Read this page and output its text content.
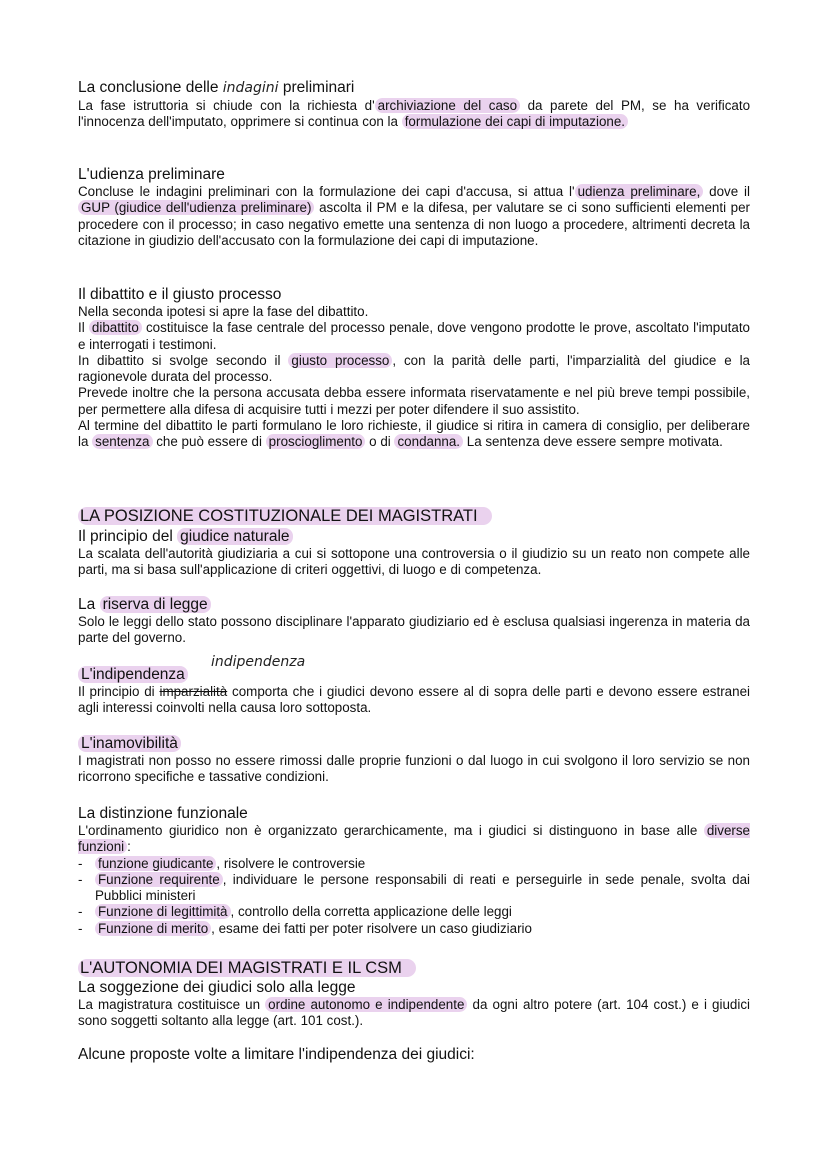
La conclusione delle indagini preliminari

La fase istruttoria si chiude con la richiesta d' archiviazione del caso da parete del PM, se ha verificato l'innocenza dell'imputato, opprimere si continua con la formulazione dei capi di imputazione.

L'udienza preliminare

Concluse le indagini preliminari con la formulazione dei capi d'accusa, si attua l' udienza preliminare, dove il GUP (giudice dell'udienza preliminare) ascolta il PM e la difesa, per valutare se ci sono sufficienti elementi per procedere con il processo; in caso negativo emette una sentenza di non luogo a procedere, altrimenti decreta la citazione in giudizio dell'accusato con la formulazione dei capi di imputazione.

Il dibattito e il giusto processo

Nella seconda ipotesi si apre la fase del dibattito.

Il dibattito costituisce la fase centrale del processo penale, dove vengono prodotte le prove, ascoltato l'imputato e interrogati i testimoni.

In dibattito si svolge secondo il giusto processo , con la parità delle parti, l'imparzialità del giudice e la ragionevole durata del processo.

Prevede inoltre che la persona accusata debba essere informata riservatamente e nel più breve tempi possibile, per permettere alla difesa di acquisire tutti i mezzi per poter difendere il suo assistito.

Al termine del dibattito le parti formulano le loro richieste, il giudice si ritira in camera di consiglio, per deliberare la sentenza che può essere di proscioglimento o di condanna. La sentenza deve essere sempre motivata.

LA POSIZIONE COSTITUZIONALE DEI MAGISTRATI
Il principio del giudice naturale

La scalata dell'autorità giudiziaria a cui si sottopone una controversia o il giudizio su un reato non compete alle parti, ma si basa sull'applicazione di criteri oggettivi, di luogo e di competenza.

La riserva di legge

Solo le leggi dello stato possono disciplinare l'apparato giudiziario ed è esclusa qualsiasi ingerenza in materia da parte del governo.

L'indipendenza
indipendenza

Il principio di imparzialità comporta che i giudici devono essere al di sopra delle parti e devono essere estranei agli interessi coinvolti nella causa loro sottoposta.

L'inamovibilità

I magistrati non posso no essere rimossi dalle proprie funzioni o dal luogo in cui svolgono il loro servizio se non ricorrono specifiche e tassative condizioni.

La distinzione funzionale

L'ordinamento giuridico non è organizzato gerarchicamente, ma i giudici si distinguono in base alle diverse funzioni :

- funzione giudicante , risolvere le controversie
- Funzione requirente , individuare le persone responsabili di reati e perseguirle in sede penale, svolta dai Pubblici ministeri
- Funzione di legittimità , controllo della corretta applicazione delle leggi
- Funzione di merito , esame dei fatti per poter risolvere un caso giudiziario
L'AUTONOMIA DEI MAGISTRATI E IL CSM
La soggezione dei giudici solo alla legge

La magistratura costituisce un ordine autonomo e indipendente da ogni altro potere (art. 104 cost.) e i giudici sono soggetti soltanto alla legge (art. 101 cost.).

Alcune proposte volte a limitare l'indipendenza dei giudici:
